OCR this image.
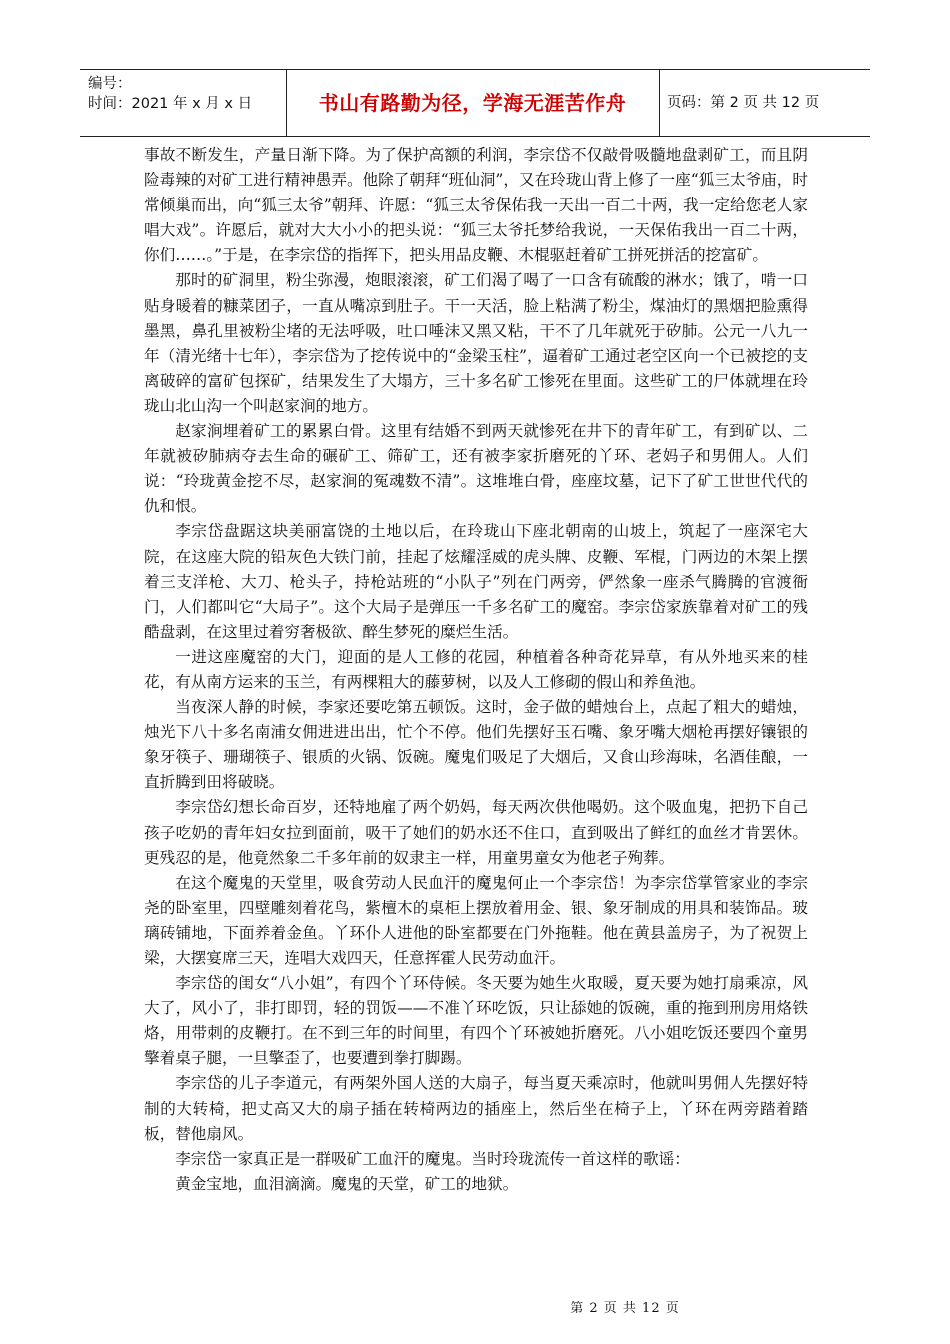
编号：
时间：2021 年 x 月 x 日	书山有路勤为径，学海无涯苦作舟	页码：第 2 页 共 12 页

事故不断发生，产量日渐下降。为了保护高额的利润，李宗岱不仅敲骨吸髓地盘剥矿工，而且阴险毒辣的对矿工进行精神愚弄。他除了朝拜“班仙洞”，又在玲珑山背上修了一座“狐三太爷庙，时常倾巢而出，向“狐三太爷”朝拜、许愿：“狐三太爷保佑我一天出一百二十两，我一定给您老人家唱大戏”。许愿后，就对大大小小的把头说：“狐三太爷托梦给我说，一天保佑我出一百二十两，你们……。”于是，在李宗岱的指挥下，把头用品皮鞭、木棍驱赶着矿工拼死拼活的挖富矿。

那时的矿洞里，粉尘弥漫，炮眼滚滚，矿工们渴了喝了一口含有硫酸的淋水；饿了，啃一口贴身暖着的糠菜团子，一直从嘴凉到肚子。干一天活，脸上粘满了粉尘，煤油灯的黑烟把脸熏得墨黑，鼻孔里被粉尘堵的无法呼吸，吐口唾沫又黑又粘，干不了几年就死于矽肺。公元一八九一年（清光绪十七年），李宗岱为了挖传说中的“金梁玉柱”，逼着矿工通过老空区向一个已被挖的支离破碎的富矿包探矿，结果发生了大塌方，三十多名矿工惨死在里面。这些矿工的尸体就埋在玲珑山北山沟一个叫赵家涧的地方。

赵家涧埋着矿工的累累白骨。这里有结婚不到两天就惨死在井下的青年矿工，有到矿以、二年就被矽肺病夺去生命的碾矿工、筛矿工，还有被李家折磨死的丫环、老妈子和男佣人。人们说：“玲珑黄金挖不尽，赵家涧的冤魂数不清”。这堆堆白骨，座座坟墓，记下了矿工世世代代的仇和恨。

李宗岱盘踞这块美丽富饶的土地以后，在玲珑山下座北朝南的山坡上，筑起了一座深宅大院，在这座大院的铅灰色大铁门前，挂起了炫耀淫威的虎头牌、皮鞭、军棍，门两边的木架上摆着三支洋枪、大刀、枪头子，持枪站班的“小队子”列在门两旁，俨然象一座杀气腾腾的官渡衙门，人们都叫它“大局子”。这个大局子是弹压一千多名矿工的魔窑。李宗岱家族靠着对矿工的残酷盘剥，在这里过着穷奢极欲、醉生梦死的糜烂生活。

一进这座魔窑的大门，迎面的是人工修的花园，种植着各种奇花异草，有从外地买来的桂花，有从南方运来的玉兰，有两棵粗大的藤萝树，以及人工修砌的假山和养鱼池。

当夜深人静的时候，李家还要吃第五顿饭。这时，金子做的蜡烛台上，点起了粗大的蜡烛，烛光下八十多名南浦女佣进进出出，忙个不停。他们先摆好玉石嘴、象牙嘴大烟枪再摆好镶银的象牙筷子、珊瑚筷子、银质的火锅、饭碗。魔鬼们吸足了大烟后，又食山珍海味，名酒佳酿，一直折腾到田将破晓。

李宗岱幻想长命百岁，还特地雇了两个奶妈，每天两次供他喝奶。这个吸血鬼，把扔下自己孩子吃奶的青年妇女拉到面前，吸干了她们的奶水还不住口，直到吸出了鲜红的血丝才肯罢休。更残忍的是，他竟然象二千多年前的奴隶主一样，用童男童女为他老子殉葬。

在这个魔鬼的天堂里，吸食劳动人民血汗的魔鬼何止一个李宗岱！为李宗岱掌管家业的李宗尧的卧室里，四壁雕刻着花鸟，紫檀木的桌柜上摆放着用金、银、象牙制成的用具和装饰品。玻璃砖铺地，下面养着金鱼。丫环仆人进他的卧室都要在门外拖鞋。他在黄县盖房子，为了祝贺上梁，大摆宴席三天，连唱大戏四天，任意挥霍人民劳动血汗。

李宗岱的闺女“八小姐”，有四个丫环侍候。冬天要为她生火取暖，夏天要为她打扇乘凉，风大了，风小了，非打即罚，轻的罚饭——不准丫环吃饭，只让舔她的饭碗，重的拖到刑房用烙铁烙，用带刺的皮鞭打。在不到三年的时间里，有四个丫环被她折磨死。八小姐吃饭还要四个童男擎着桌子腿，一旦擎歪了，也要遭到拳打脚踢。

李宗岱的儿子李道元，有两架外国人送的大扇子，每当夏天乘凉时，他就叫男佣人先摆好特制的大转椅，把丈高又大的扇子插在转椅两边的插座上，然后坐在椅子上，丫环在两旁踏着踏板，替他扇风。

李宗岱一家真正是一群吸矿工血汗的魔鬼。当时玲珑流传一首这样的歌谣：

黄金宝地，血泪滴滴。魔鬼的天堂，矿工的地狱。

第 2 页 共 12 页
